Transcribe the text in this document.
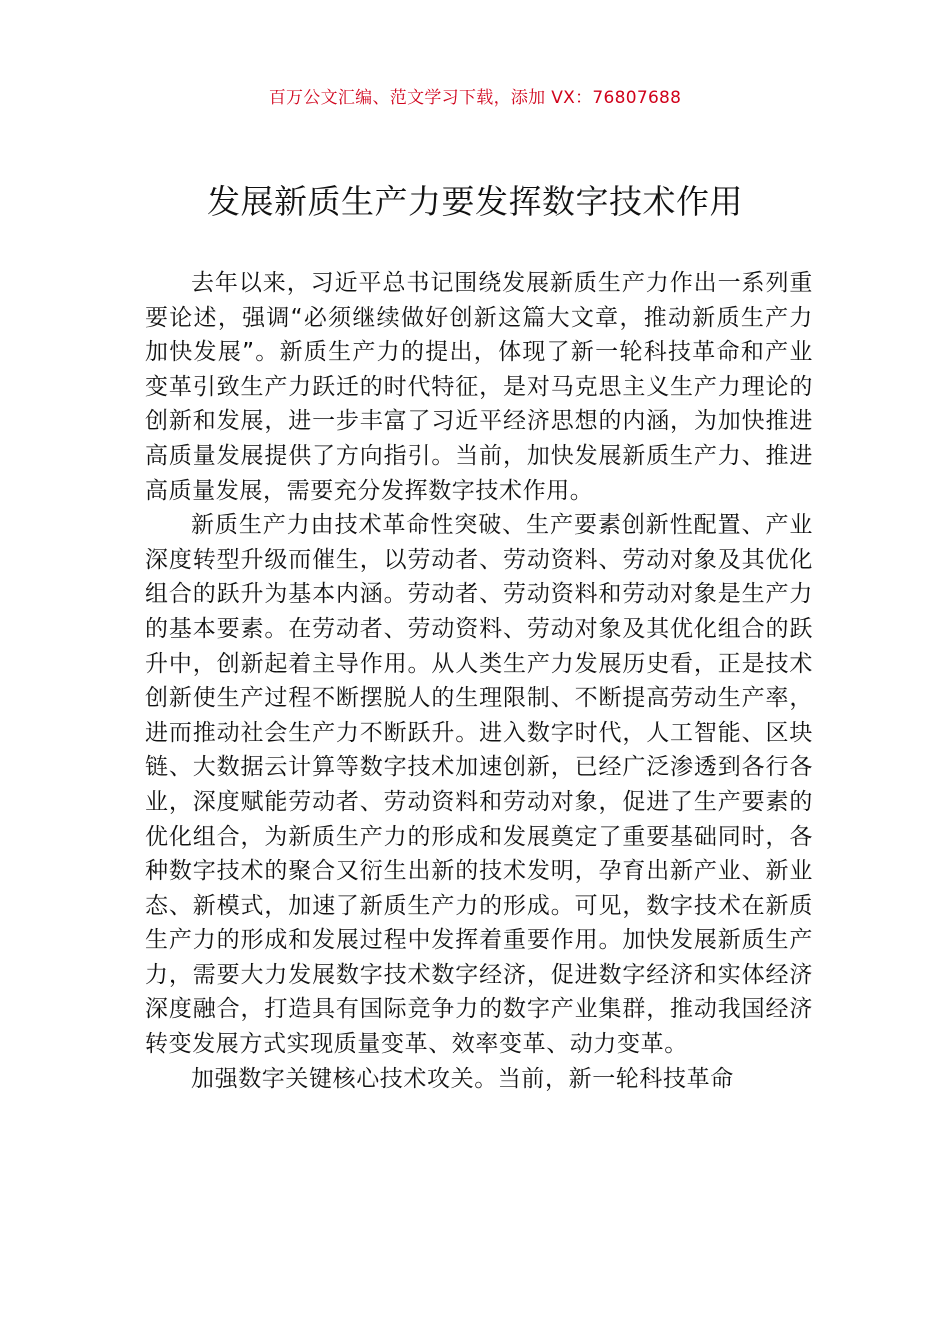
百万公文汇编、范文学习下载，添加 VX：76807688
发展新质生产力要发挥数字技术作用

去年以来，习近平总书记围绕发展新质生产力作出一系列重要论述，强调“必须继续做好创新这篇大文章，推动新质生产力加快发展”。新质生产力的提出，体现了新一轮科技革命和产业变革引致生产力跃迁的时代特征，是对马克思主义生产力理论的创新和发展，进一步丰富了习近平经济思想的内涵，为加快推进高质量发展提供了方向指引。当前，加快发展新质生产力、推进高质量发展，需要充分发挥数字技术作用。

新质生产力由技术革命性突破、生产要素创新性配置、产业深度转型升级而催生，以劳动者、劳动资料、劳动对象及其优化组合的跃升为基本内涵。劳动者、劳动资料和劳动对象是生产力的基本要素。在劳动者、劳动资料、劳动对象及其优化组合的跃升中，创新起着主导作用。从人类生产力发展历史看，正是技术创新使生产过程不断摆脱人的生理限制、不断提高劳动生产率，进而推动社会生产力不断跃升。进入数字时代，人工智能、区块链、大数据云计算等数字技术加速创新，已经广泛渗透到各行各业，深度赋能劳动者、劳动资料和劳动对象，促进了生产要素的优化组合，为新质生产力的形成和发展奠定了重要基础同时，各种数字技术的聚合又衍生出新的技术发明，孕育出新产业、新业态、新模式，加速了新质生产力的形成。可见，数字技术在新质生产力的形成和发展过程中发挥着重要作用。加快发展新质生产力，需要大力发展数字技术数字经济，促进数字经济和实体经济深度融合，打造具有国际竞争力的数字产业集群，推动我国经济转变发展方式实现质量变革、效率变革、动力变革。

加强数字关键核心技术攻关。当前，新一轮科技革命
